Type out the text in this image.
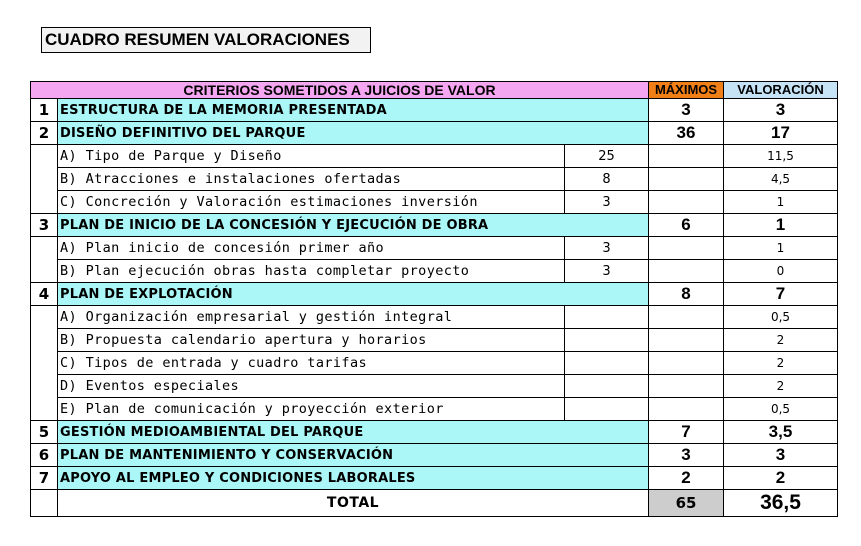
CUADRO RESUMEN VALORACIONES
CRITERIOS SOMETIDOS A JUICIOS DE VALOR			MÁXIMOS	VALORACIÓN
1	ESTRUCTURA DE LA MEMORIA PRESENTADA		3	3
2	DISEÑO DEFINITIVO DEL PARQUE		36	17
	A) Tipo de Parque y Diseño	25		11,5
	B) Atracciones e instalaciones ofertadas	8		4,5
	C) Concreción y Valoración estimaciones inversión	3		1
3	PLAN DE INICIO DE LA CONCESIÓN Y EJECUCIÓN DE OBRA		6	1
	A) Plan inicio de concesión primer año	3		1
	B) Plan ejecución obras hasta completar proyecto	3		0
4	PLAN DE EXPLOTACIÓN		8	7
	A) Organización empresarial y gestión integral			0,5
	B) Propuesta calendario apertura y horarios			2
	C) Tipos de entrada y cuadro tarifas			2
	D) Eventos especiales			2
	E) Plan de comunicación y proyección exterior			0,5
5	GESTIÓN MEDIOAMBIENTAL DEL PARQUE		7	3,5
6	PLAN DE MANTENIMIENTO Y CONSERVACIÓN		3	3
7	APOYO AL EMPLEO Y CONDICIONES LABORALES		2	2
	TOTAL		65	36,5
